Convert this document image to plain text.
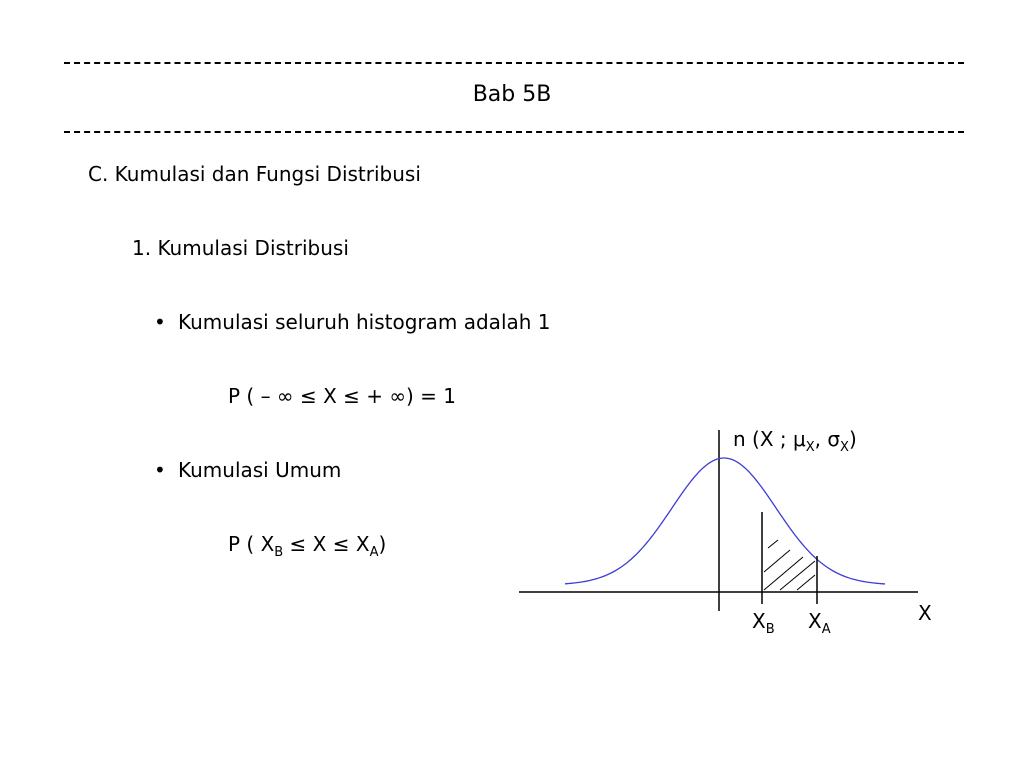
Bab 5B
C. Kumulasi dan Fungsi Distribusi
1. Kumulasi Distribusi
• Kumulasi seluruh histogram adalah 1
P ( – ∞ ≤ X ≤ + ∞) = 1
• Kumulasi Umum
P ( $X_B \le X \le X_A$)
n (X ; $\mu_X$, $\sigma_X$)
X
$X_B$ $X_A$
